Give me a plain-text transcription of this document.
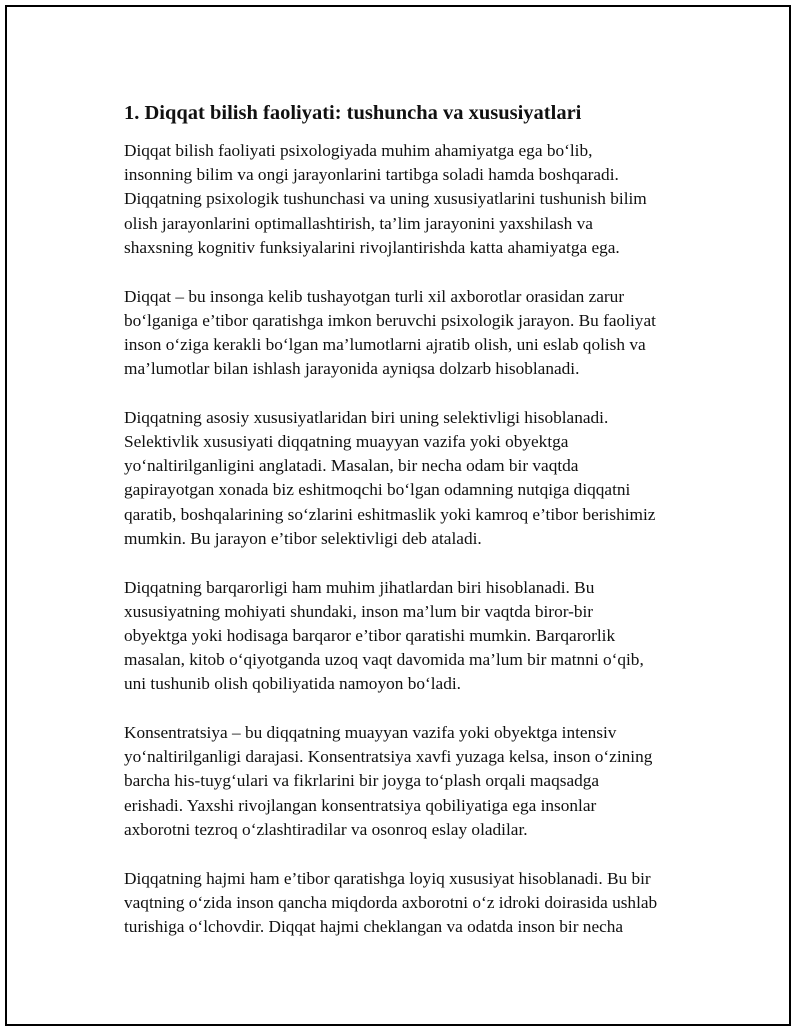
1. Diqqat bilish faoliyati: tushuncha va xususiyatlari

Diqqat bilish faoliyati psixologiyada muhim ahamiyatga ega bo‘lib,
insonning bilim va ongi jarayonlarini tartibga soladi hamda boshqaradi.
Diqqatning psixologik tushunchasi va uning xususiyatlarini tushunish bilim
olish jarayonlarini optimallashtirish, ta’lim jarayonini yaxshilash va
shaxsning kognitiv funksiyalarini rivojlantirishda katta ahamiyatga ega.

Diqqat – bu insonga kelib tushayotgan turli xil axborotlar orasidan zarur
bo‘lganiga e’tibor qaratishga imkon beruvchi psixologik jarayon. Bu faoliyat
inson o‘ziga kerakli bo‘lgan ma’lumotlarni ajratib olish, uni eslab qolish va
ma’lumotlar bilan ishlash jarayonida ayniqsa dolzarb hisoblanadi.

Diqqatning asosiy xususiyatlaridan biri uning selektivligi hisoblanadi.
Selektivlik xususiyati diqqatning muayyan vazifa yoki obyektga
yo‘naltirilganligini anglatadi. Masalan, bir necha odam bir vaqtda
gapirayotgan xonada biz eshitmoqchi bo‘lgan odamning nutqiga diqqatni
qaratib, boshqalarining so‘zlarini eshitmaslik yoki kamroq e’tibor berishimiz
mumkin. Bu jarayon e’tibor selektivligi deb ataladi.

Diqqatning barqarorligi ham muhim jihatlardan biri hisoblanadi. Bu
xususiyatning mohiyati shundaki, inson ma’lum bir vaqtda biror-bir
obyektga yoki hodisaga barqaror e’tibor qaratishi mumkin. Barqarorlik
masalan, kitob o‘qiyotganda uzoq vaqt davomida ma’lum bir matnni o‘qib,
uni tushunib olish qobiliyatida namoyon bo‘ladi.

Konsentratsiya – bu diqqatning muayyan vazifa yoki obyektga intensiv
yo‘naltirilganligi darajasi. Konsentratsiya xavfi yuzaga kelsa, inson o‘zining
barcha his-tuyg‘ulari va fikrlarini bir joyga to‘plash orqali maqsadga
erishadi. Yaxshi rivojlangan konsentratsiya qobiliyatiga ega insonlar
axborotni tezroq o‘zlashtiradilar va osonroq eslay oladilar.

Diqqatning hajmi ham e’tibor qaratishga loyiq xususiyat hisoblanadi. Bu bir
vaqtning o‘zida inson qancha miqdorda axborotni o‘z idroki doirasida ushlab
turishiga o‘lchovdir. Diqqat hajmi cheklangan va odatda inson bir necha
